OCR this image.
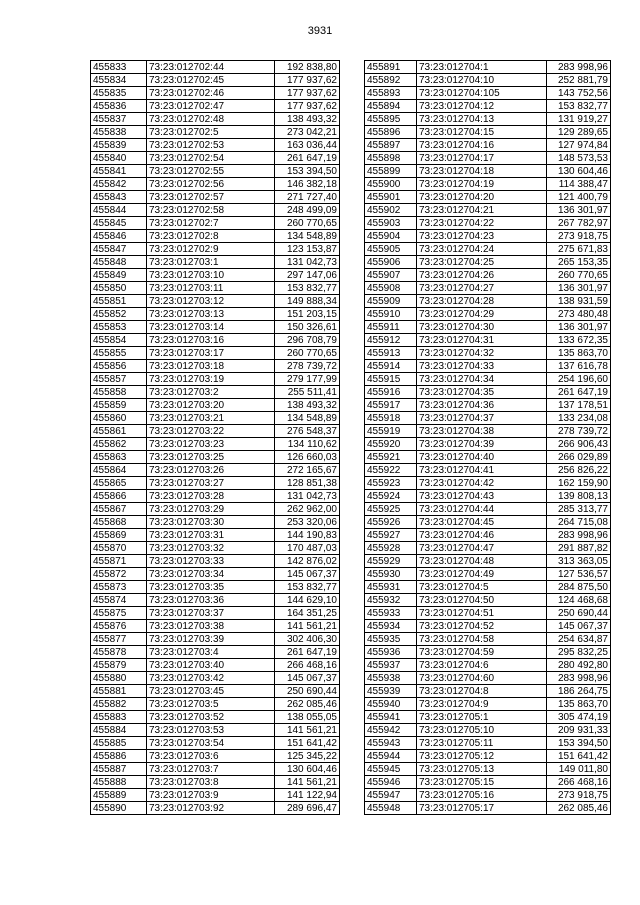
3931
455833	73:23:012702:44	192 838,80
455834	73:23:012702:45	177 937,62
455835	73:23:012702:46	177 937,62
455836	73:23:012702:47	177 937,62
455837	73:23:012702:48	138 493,32
455838	73:23:012702:5	273 042,21
455839	73:23:012702:53	163 036,44
455840	73:23:012702:54	261 647,19
455841	73:23:012702:55	153 394,50
455842	73:23:012702:56	146 382,18
455843	73:23:012702:57	271 727,40
455844	73:23:012702:58	248 499,09
455845	73:23:012702:7	260 770,65
455846	73:23:012702:8	134 548,89
455847	73:23:012702:9	123 153,87
455848	73:23:012703:1	131 042,73
455849	73:23:012703:10	297 147,06
455850	73:23:012703:11	153 832,77
455851	73:23:012703:12	149 888,34
455852	73:23:012703:13	151 203,15
455853	73:23:012703:14	150 326,61
455854	73:23:012703:16	296 708,79
455855	73:23:012703:17	260 770,65
455856	73:23:012703:18	278 739,72
455857	73:23:012703:19	279 177,99
455858	73:23:012703:2	255 511,41
455859	73:23:012703:20	138 493,32
455860	73:23:012703:21	134 548,89
455861	73:23:012703:22	276 548,37
455862	73:23:012703:23	134 110,62
455863	73:23:012703:25	126 660,03
455864	73:23:012703:26	272 165,67
455865	73:23:012703:27	128 851,38
455866	73:23:012703:28	131 042,73
455867	73:23:012703:29	262 962,00
455868	73:23:012703:30	253 320,06
455869	73:23:012703:31	144 190,83
455870	73:23:012703:32	170 487,03
455871	73:23:012703:33	142 876,02
455872	73:23:012703:34	145 067,37
455873	73:23:012703:35	153 832,77
455874	73:23:012703:36	144 629,10
455875	73:23:012703:37	164 351,25
455876	73:23:012703:38	141 561,21
455877	73:23:012703:39	302 406,30
455878	73:23:012703:4	261 647,19
455879	73:23:012703:40	266 468,16
455880	73:23:012703:42	145 067,37
455881	73:23:012703:45	250 690,44
455882	73:23:012703:5	262 085,46
455883	73:23:012703:52	138 055,05
455884	73:23:012703:53	141 561,21
455885	73:23:012703:54	151 641,42
455886	73:23:012703:6	125 345,22
455887	73:23:012703:7	130 604,46
455888	73:23:012703:8	141 561,21
455889	73:23:012703:9	141 122,94
455890	73:23:012703:92	289 696,47
455891	73:23:012704:1	283 998,96
455892	73:23:012704:10	252 881,79
455893	73:23:012704:105	143 752,56
455894	73:23:012704:12	153 832,77
455895	73:23:012704:13	131 919,27
455896	73:23:012704:15	129 289,65
455897	73:23:012704:16	127 974,84
455898	73:23:012704:17	148 573,53
455899	73:23:012704:18	130 604,46
455900	73:23:012704:19	114 388,47
455901	73:23:012704:20	121 400,79
455902	73:23:012704:21	136 301,97
455903	73:23:012704:22	267 782,97
455904	73:23:012704:23	273 918,75
455905	73:23:012704:24	275 671,83
455906	73:23:012704:25	265 153,35
455907	73:23:012704:26	260 770,65
455908	73:23:012704:27	136 301,97
455909	73:23:012704:28	138 931,59
455910	73:23:012704:29	273 480,48
455911	73:23:012704:30	136 301,97
455912	73:23:012704:31	133 672,35
455913	73:23:012704:32	135 863,70
455914	73:23:012704:33	137 616,78
455915	73:23:012704:34	254 196,60
455916	73:23:012704:35	261 647,19
455917	73:23:012704:36	137 178,51
455918	73:23:012704:37	133 234,08
455919	73:23:012704:38	278 739,72
455920	73:23:012704:39	266 906,43
455921	73:23:012704:40	266 029,89
455922	73:23:012704:41	256 826,22
455923	73:23:012704:42	162 159,90
455924	73:23:012704:43	139 808,13
455925	73:23:012704:44	285 313,77
455926	73:23:012704:45	264 715,08
455927	73:23:012704:46	283 998,96
455928	73:23:012704:47	291 887,82
455929	73:23:012704:48	313 363,05
455930	73:23:012704:49	127 536,57
455931	73:23:012704:5	284 875,50
455932	73:23:012704:50	124 468,68
455933	73:23:012704:51	250 690,44
455934	73:23:012704:52	145 067,37
455935	73:23:012704:58	254 634,87
455936	73:23:012704:59	295 832,25
455937	73:23:012704:6	280 492,80
455938	73:23:012704:60	283 998,96
455939	73:23:012704:8	186 264,75
455940	73:23:012704:9	135 863,70
455941	73:23:012705:1	305 474,19
455942	73:23:012705:10	209 931,33
455943	73:23:012705:11	153 394,50
455944	73:23:012705:12	151 641,42
455945	73:23:012705:13	149 011,80
455946	73:23:012705:15	266 468,16
455947	73:23:012705:16	273 918,75
455948	73:23:012705:17	262 085,46
